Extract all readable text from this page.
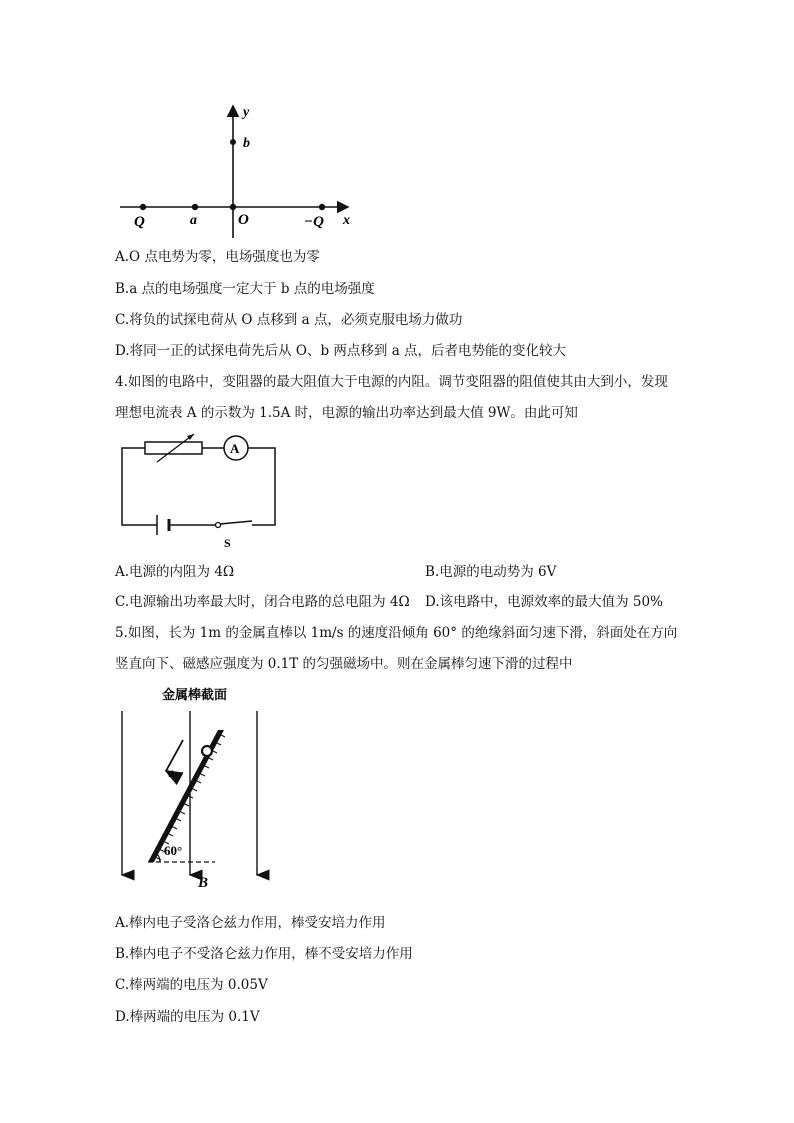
y
b
Q	a	O	−Q x
A.O 点电势为零，电场强度也为零
B.a 点的电场强度一定大于 b 点的电场强度
C.将负的试探电荷从 O 点移到 a 点，必须克服电场力做功
D.将同一正的试探电荷先后从 O、b 两点移到 a 点，后者电势能的变化较大
4.如图的电路中，变阻器的最大阻值大于电源的内阻。调节变阻器的阻值使其由大到小，发现
理想电流表 A 的示数为 1.5A 时，电源的输出功率达到最大值 9W。由此可知
A
S
A.电源的内阻为 4Ω	B.电源的电动势为 6V
C.电源输出功率最大时，闭合电路的总电阻为 4Ω D.该电路中，电源效率的最大值为 50%
5.如图，长为 1m 的金属直棒以 1m/s 的速度沿倾角 60° 的绝缘斜面匀速下滑，斜面处在方向
竖直向下、磁感应强度为 0.1T 的匀强磁场中。则在金属棒匀速下滑的过程中
金属棒截面
B
v
60°
A.棒内电子受洛仑兹力作用，棒受安培力作用
B.棒内电子不受洛仑兹力作用，棒不受安培力作用
C.棒两端的电压为 0.05V
D.棒两端的电压为 0.1V
